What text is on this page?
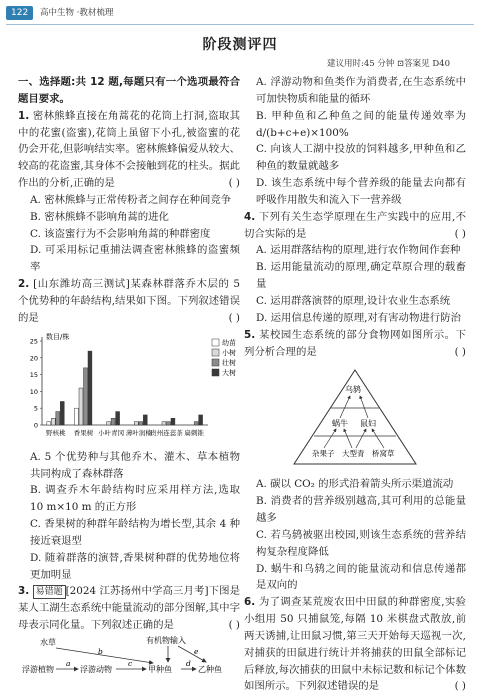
122	高中生物 ·教材梳理
阶段测评四
建议用时:45 分钟 ⊡答案见 D40

一、选择题:共 12 题,每题只有一个选项最符合题目要求。

1. 密林熊蜂直接在角蒿花的花筒上打洞,盗取其中的花蜜(盗蜜),花筒上虽留下小孔,被盗蜜的花仍会开花,但影响结实率。密林熊蜂偏爱从较大、较高的花盗蜜,其身体不会接触到花的柱头。据此作出的分析,正确的是	( )

A. 密林熊蜂与正常传粉者之间存在种间竞争

B. 密林熊蜂不影响角蒿的进化

C. 该盗蜜行为不会影响角蒿的种群密度

D. 可采用标记重捕法调查密林熊蜂的盗蜜频率

2. [山东潍坊高三测试]某森林群落乔木层的 5 个优势种的年龄结构,结果如下图。下列叙述错误的是	( )

数目/株
0
5
10
15
20
25
野核桃 香果树 小叶青冈 薄叶润楠
贵州连蕊茶 扁刺锥
幼苗
小树
壮树
大树

A. 5 个优势种与其他乔木、灌木、草本植物共同构成了森林群落

B. 调查乔木年龄结构时应采用样方法,选取 10 m×10 m 的正方形

C. 香果树的种群年龄结构为增长型,其余 4 种接近衰退型

D. 随着群落的演替,香果树种群的优势地位将更加明显

3. 易错题 [2024 江苏扬州中学高三月考]下图是某人工湖生态系统中能量流动的部分图解,其中字母表示同化量。下列叙述正确的是	( )

水草	有机物输入
浮游植物	浮游动物	甲种鱼	乙种鱼
a
b
c	d
e

A. 浮游动物和鱼类作为消费者,在生态系统中可加快物质和能量的循环

B. 甲种鱼和乙种鱼之间的能量传递效率为 d/(b+c+e)×100%

C. 向该人工湖中投放的饲料越多,甲种鱼和乙种鱼的数量就越多

D. 该生态系统中每个营养级的能量去向都有呼吸作用散失和流入下一营养级

4. 下列有关生态学原理在生产实践中的应用,不切合实际的是	( )

A. 运用群落结构的原理,进行农作物间作套种

B. 运用能量流动的原理,确定草原合理的载畜量

C. 运用群落演替的原理,设计农业生态系统

D. 运用信息传递的原理,对有害动物进行防治

5. 某校园生态系统的部分食物网如图所示。下列分析合理的是	( )

乌鸫
蜗牛 鼠妇
杂果子 大型青 桥窝草

A. 碳以 CO₂ 的形式沿着箭头所示渠道流动

B. 消费者的营养级别越高,其可利用的总能量越多

C. 若乌鸫被驱出校园,则该生态系统的营养结构复杂程度降低

D. 蜗牛和乌鸫之间的能量流动和信息传递都是双向的

6. 为了调查某荒废农田中田鼠的种群密度,实验小组用 50 只捕鼠笼,每隔 10 米棋盘式散放,前两天诱捕,让田鼠习惯,第三天开始每天巡视一次,对捕获的田鼠进行统计并将捕获的田鼠全部标记后释放,每次捕获的田鼠中未标记数和标记个体数如图所示。下列叙述错误的是	( )
